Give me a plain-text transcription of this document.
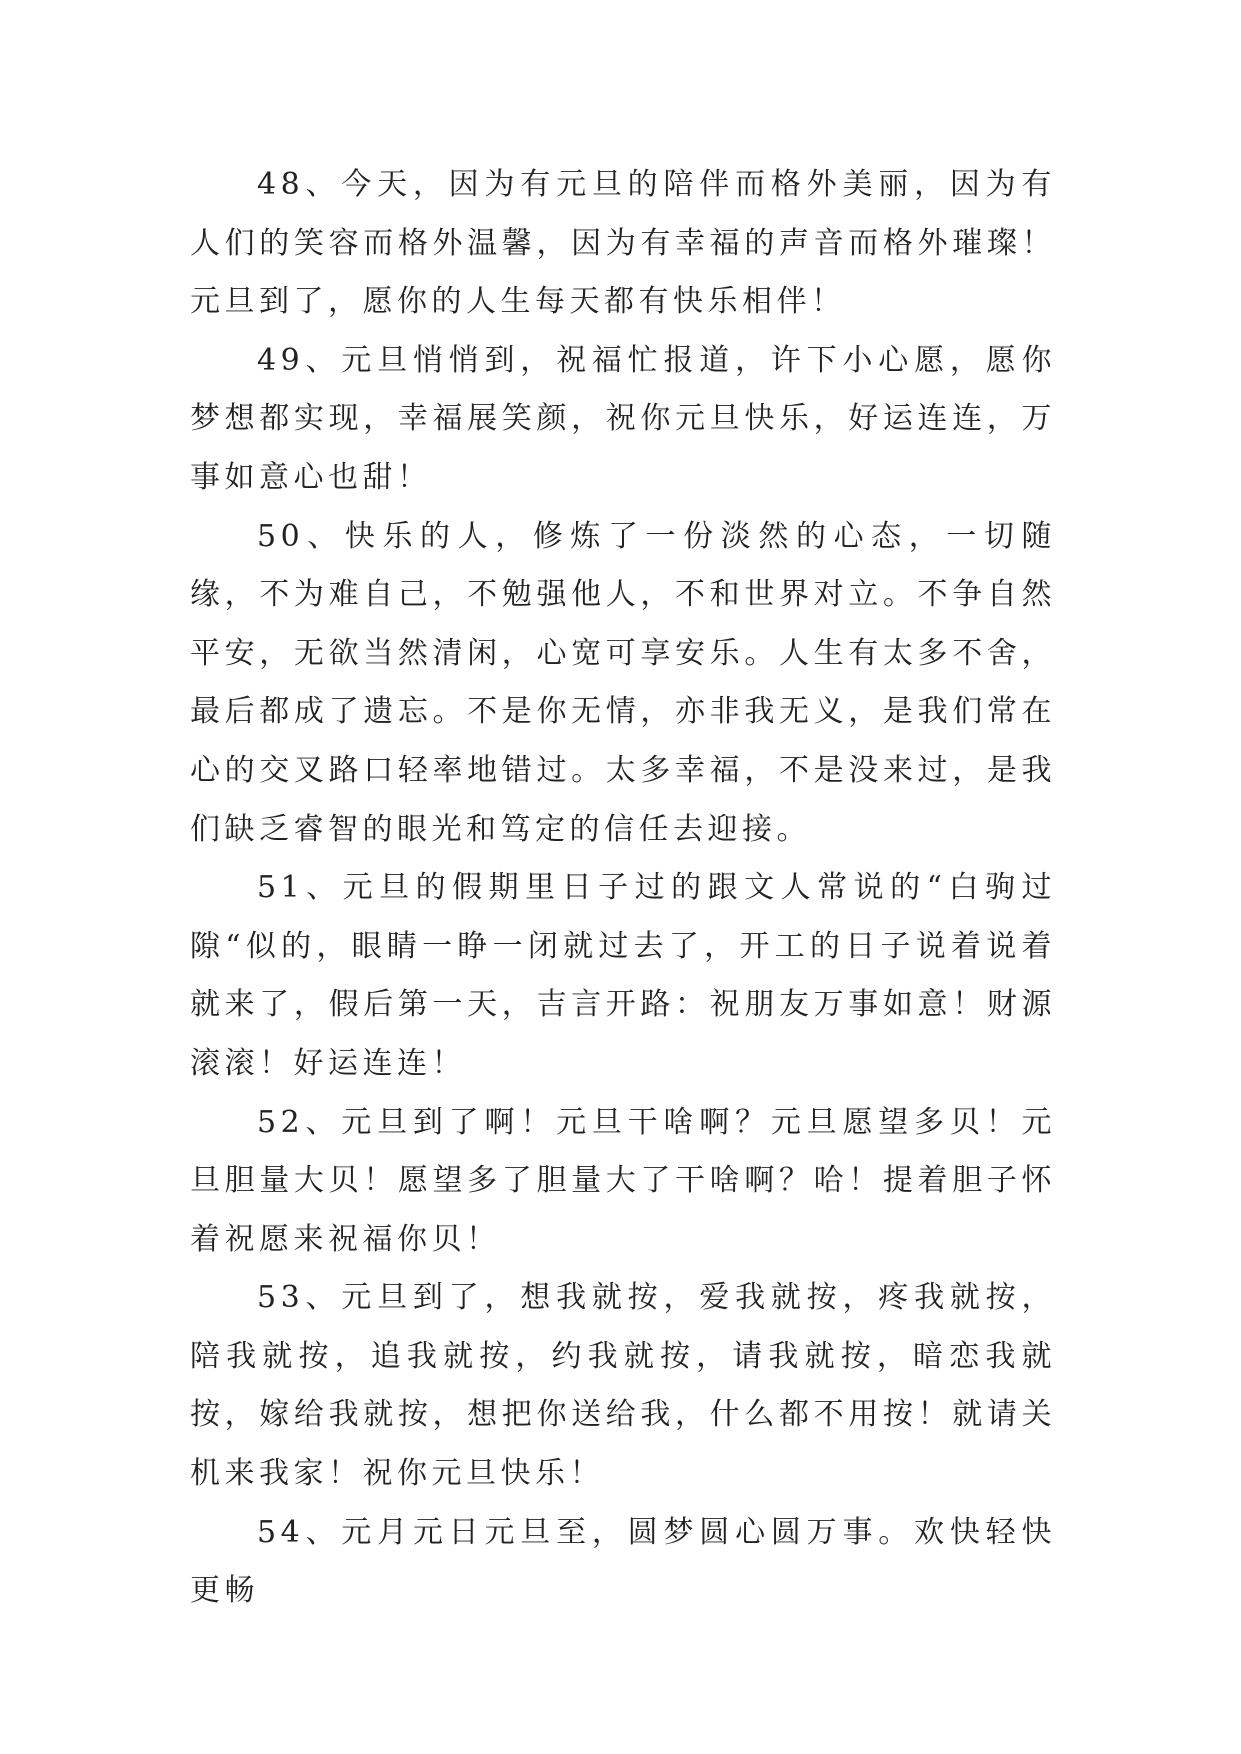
48、今天，因为有元旦的陪伴而格外美丽，因为有人们的笑容而格外温馨，因为有幸福的声音而格外璀璨！元旦到了，愿你的人生每天都有快乐相伴！

49、元旦悄悄到，祝福忙报道，许下小心愿，愿你梦想都实现，幸福展笑颜，祝你元旦快乐，好运连连，万事如意心也甜！

50、快乐的人，修炼了一份淡然的心态，一切随缘，不为难自己，不勉强他人，不和世界对立。不争自然平安，无欲当然清闲，心宽可享安乐。人生有太多不舍，最后都成了遗忘。不是你无情，亦非我无义，是我们常在心的交叉路口轻率地错过。太多幸福，不是没来过，是我们缺乏睿智的眼光和笃定的信任去迎接。

51、元旦的假期里日子过的跟文人常说的“白驹过隙“似的，眼睛一睁一闭就过去了，开工的日子说着说着就来了，假后第一天，吉言开路：祝朋友万事如意！财源滚滚！好运连连！

52、元旦到了啊！元旦干啥啊？元旦愿望多贝！元旦胆量大贝！愿望多了胆量大了干啥啊？哈！提着胆子怀着祝愿来祝福你贝！

53、元旦到了，想我就按，爱我就按，疼我就按，陪我就按，追我就按，约我就按，请我就按，暗恋我就按，嫁给我就按，想把你送给我，什么都不用按！就请关机来我家！祝你元旦快乐！

54、元月元日元旦至，圆梦圆心圆万事。欢快轻快更畅
